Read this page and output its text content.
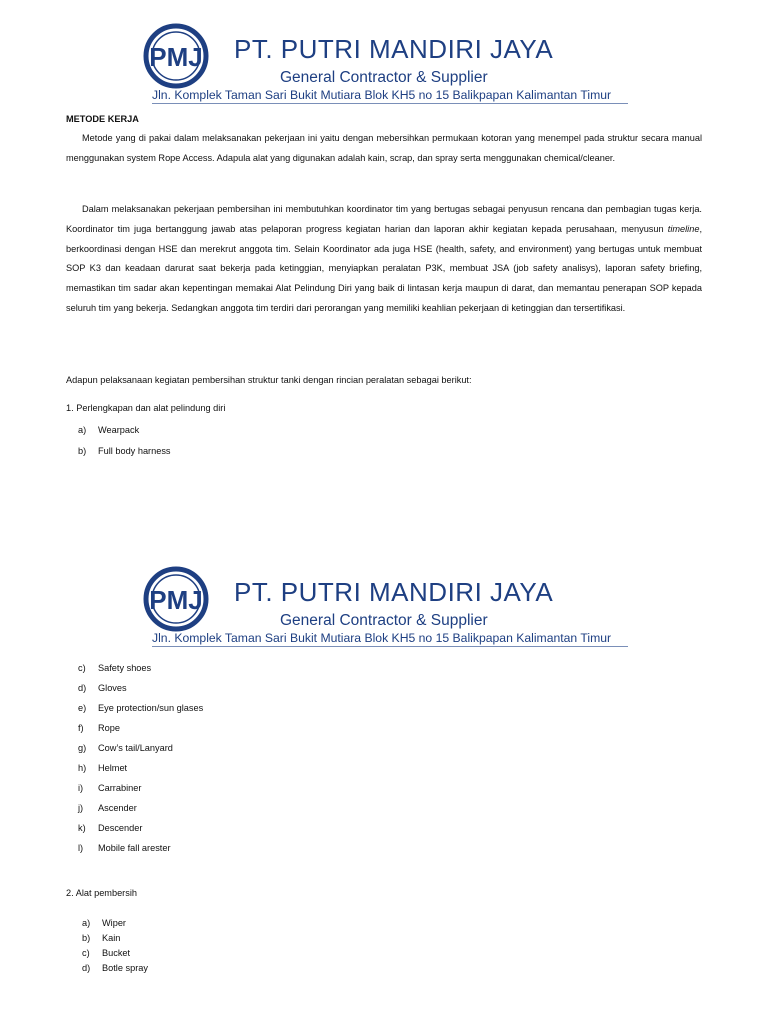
PMJ PT. PUTRI MANDIRI JAYA
General Contractor & Supplier
Jln. Komplek Taman Sari Bukit Mutiara Blok KH5 no 15 Balikpapan Kalimantan Timur
METODE KERJA

Metode yang di pakai dalam melaksanakan pekerjaan ini yaitu dengan mebersihkan permukaan kotoran yang menempel pada struktur secara manual menggunakan system Rope Access. Adapula alat yang digunakan adalah kain, scrap, dan spray serta menggunakan chemical/cleaner.

Dalam melaksanakan pekerjaan pembersihan ini membutuhkan koordinator tim yang bertugas sebagai penyusun rencana dan pembagian tugas kerja. Koordinator tim juga bertanggung jawab atas pelaporan progress kegiatan harian dan laporan akhir kegiatan kepada perusahaan, menyusun timeline, berkoordinasi dengan HSE dan merekrut anggota tim. Selain Koordinator ada juga HSE (health, safety, and environment) yang bertugas untuk membuat SOP K3 dan keadaan darurat saat bekerja pada ketinggian, menyiapkan peralatan P3K, membuat JSA (job safety analisys), laporan safety briefing, memastikan tim sadar akan kepentingan memakai Alat Pelindung Diri yang baik di lintasan kerja maupun di darat, dan memantau penerapan SOP kepada seluruh tim yang bekerja. Sedangkan anggota tim terdiri dari perorangan yang memiliki keahlian pekerjaan di ketinggian dan tersertifikasi.

Adapun pelaksanaan kegiatan pembersihan struktur tanki dengan rincian peralatan sebagai berikut:
1. Perlengkapan dan alat pelindung diri
a) Wearpack
b) Full body harness
PMJ PT. PUTRI MANDIRI JAYA
General Contractor & Supplier
Jln. Komplek Taman Sari Bukit Mutiara Blok KH5 no 15 Balikpapan Kalimantan Timur
c) Safety shoes
d) Gloves
e) Eye protection/sun glases
f) Rope
g) Cow’s tail/Lanyard
h) Helmet
i) Carrabiner
j) Ascender
k) Descender
l) Mobile fall arester
2. Alat pembersih
a) Wiper
b) Kain
c) Bucket
d) Botle spray
